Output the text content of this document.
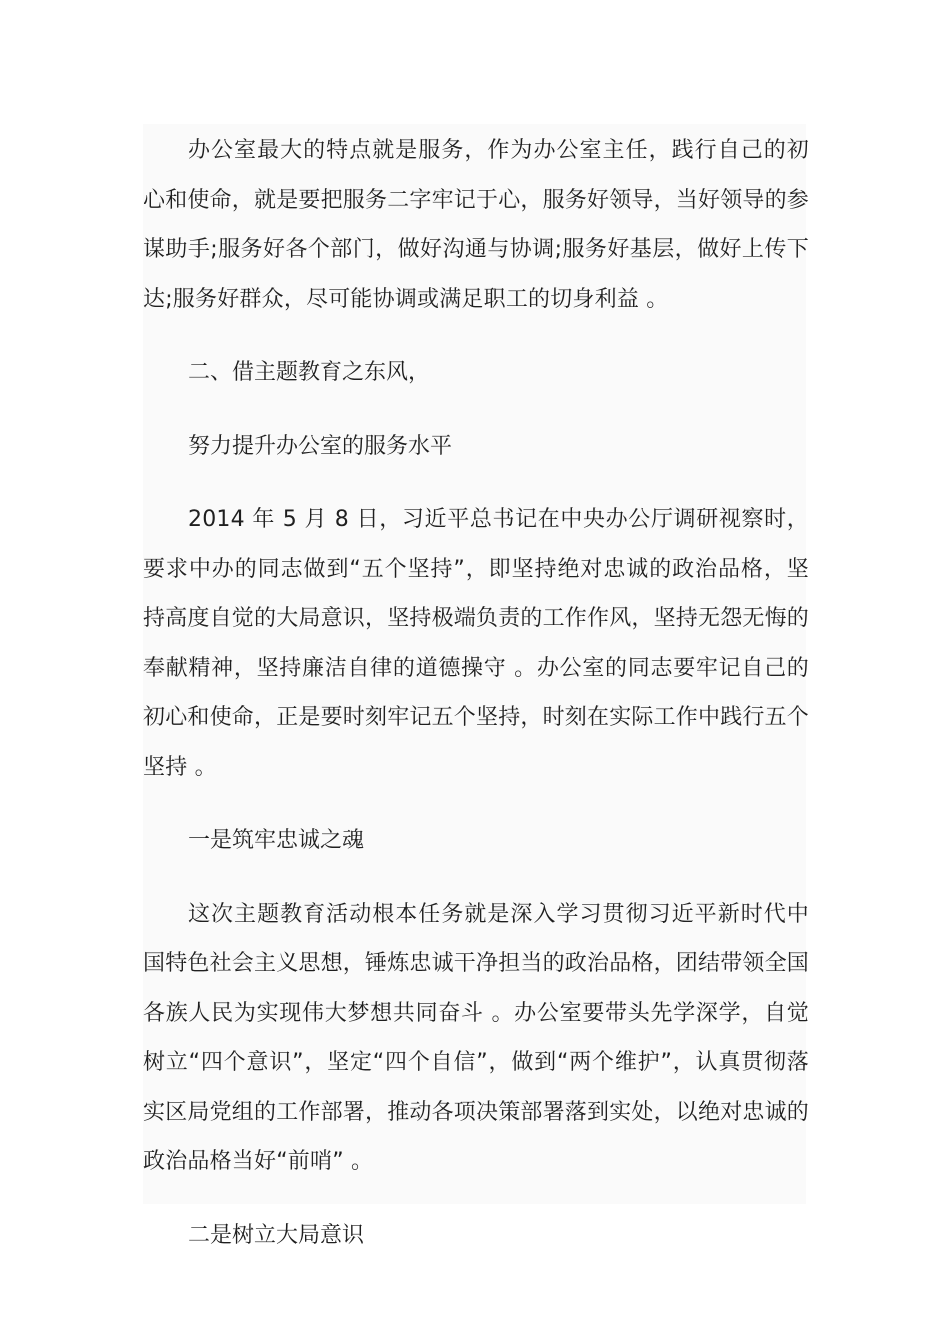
办公室最大的特点就是服务，作为办公室主任，践行自己的初心和使命，就是要把服务二字牢记于心，服务好领导，当好领导的参谋助手;服务好各个部门，做好沟通与协调;服务好基层，做好上传下达;服务好群众，尽可能协调或满足职工的切身利益 。

二、借主题教育之东风，

努力提升办公室的服务水平

2014 年 5 月 8 日，习近平总书记在中央办公厅调研视察时，要求中办的同志做到“五个坚持”，即坚持绝对忠诚的政治品格，坚持高度自觉的大局意识，坚持极端负责的工作作风，坚持无怨无悔的奉献精神，坚持廉洁自律的道德操守 。办公室的同志要牢记自己的初心和使命，正是要时刻牢记五个坚持，时刻在实际工作中践行五个坚持 。

一是筑牢忠诚之魂

这次主题教育活动根本任务就是深入学习贯彻习近平新时代中国特色社会主义思想，锤炼忠诚干净担当的政治品格，团结带领全国各族人民为实现伟大梦想共同奋斗 。办公室要带头先学深学，自觉树立“四个意识”，坚定“四个自信”，做到“两个维护”，认真贯彻落实区局党组的工作部署，推动各项决策部署落到实处，以绝对忠诚的政治品格当好“前哨” 。

二是树立大局意识
